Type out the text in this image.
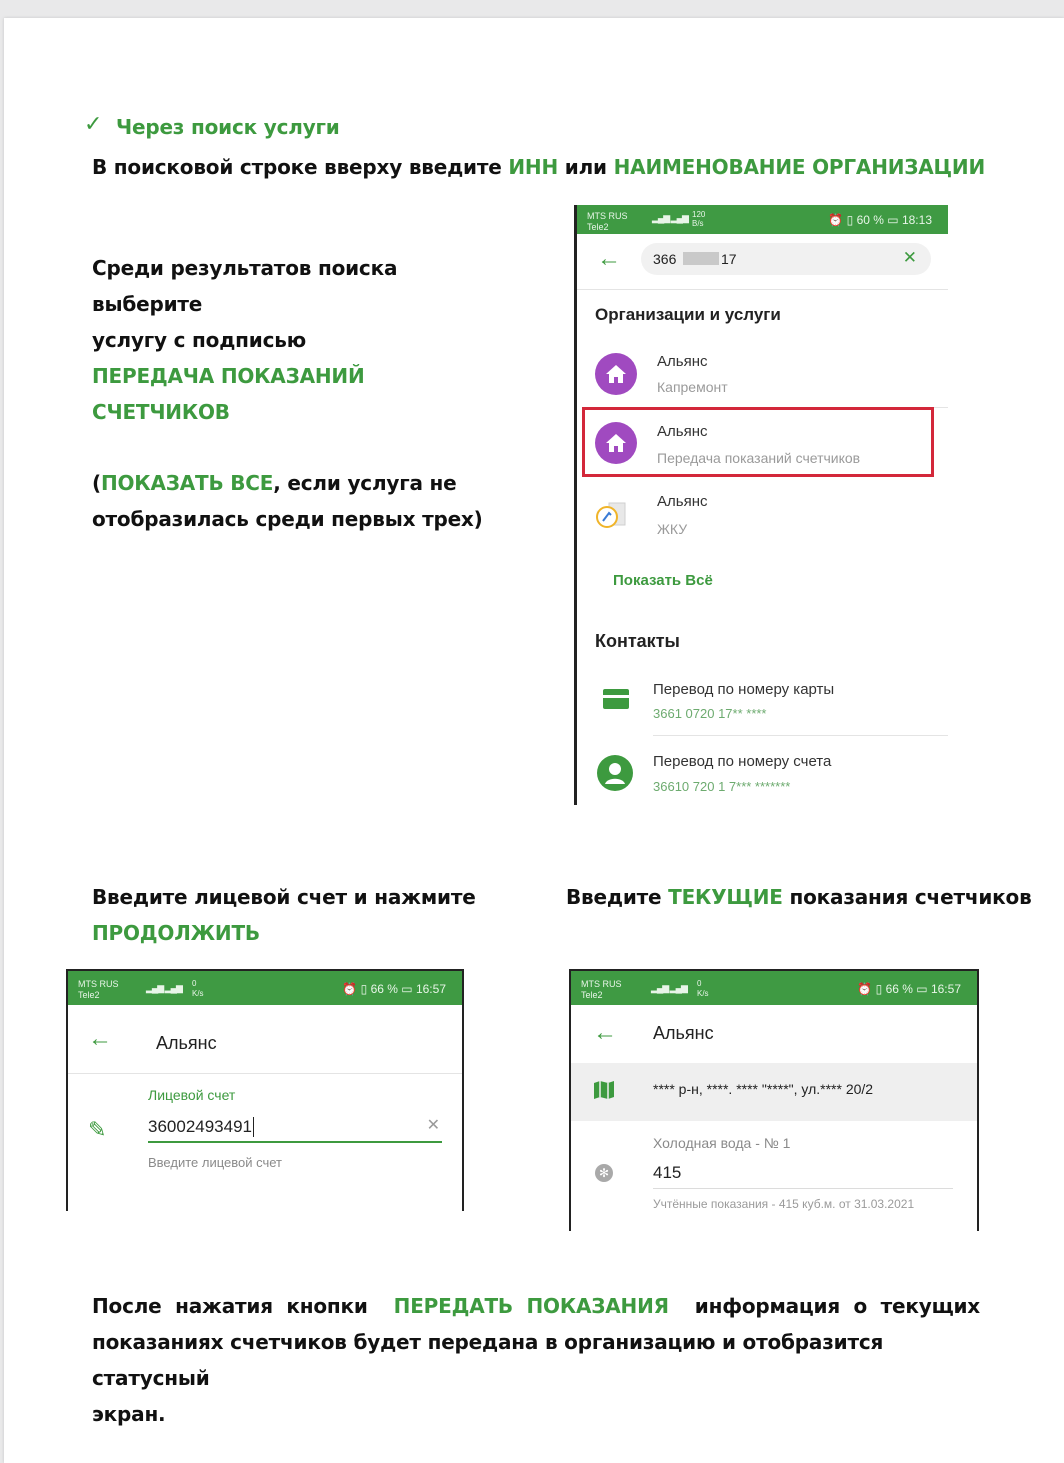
✓ Через поиск услуги
В поисковой строке вверху введите ИНН или НАИМЕНОВАНИЕ ОРГАНИЗАЦИИ
Среди результатов поиска выберите
услугу с подписью
ПЕРЕДАЧА ПОКАЗАНИЙ СЧЕТЧИКОВ
(ПОКАЗАТЬ ВСЕ, если услуга не
отобразилась среди первых трех)
MTS RUS
Tele2
▂▄▆ ▂▄▆ 120
B/s	⏰ ▯ 60 % ▭ 18:13
← 366	17	✕
Организации и услуги
Альянс
Капремонт
Альянс
Передача показаний счетчиков
Альянс
ЖКУ
Показать Всё
Контакты
Перевод по номеру карты
3661 0720 17** ****
Перевод по номеру счета
36610 720 1 7*** *******
Введите лицевой счет и нажмите
ПРОДОЛЖИТЬ
Введите ТЕКУЩИЕ показания счетчиков
MTS RUS
Tele2
▂▄▆ ▂▄▆ 0
K/s	⏰ ▯ 66 % ▭ 16:57
← Альянс
Лицевой счет
✎ 36002493491	✕
Введите лицевой счет
MTS RUS
Tele2
▂▄▆ ▂▄▆ 0
K/s	⏰ ▯ 66 % ▭ 16:57
← Альянс
**** р-н, ****. **** "****", ул.**** 20/2
Холодная вода - № 1
✻	415
Учтённые показания - 415 куб.м. от 31.03.2021
После  нажатия  кнопки ПЕРЕДАТЬ  ПОКАЗАНИЯ информация  о  текущих
показаниях счетчиков будет передана в организацию и отобразится статусный
экран.
